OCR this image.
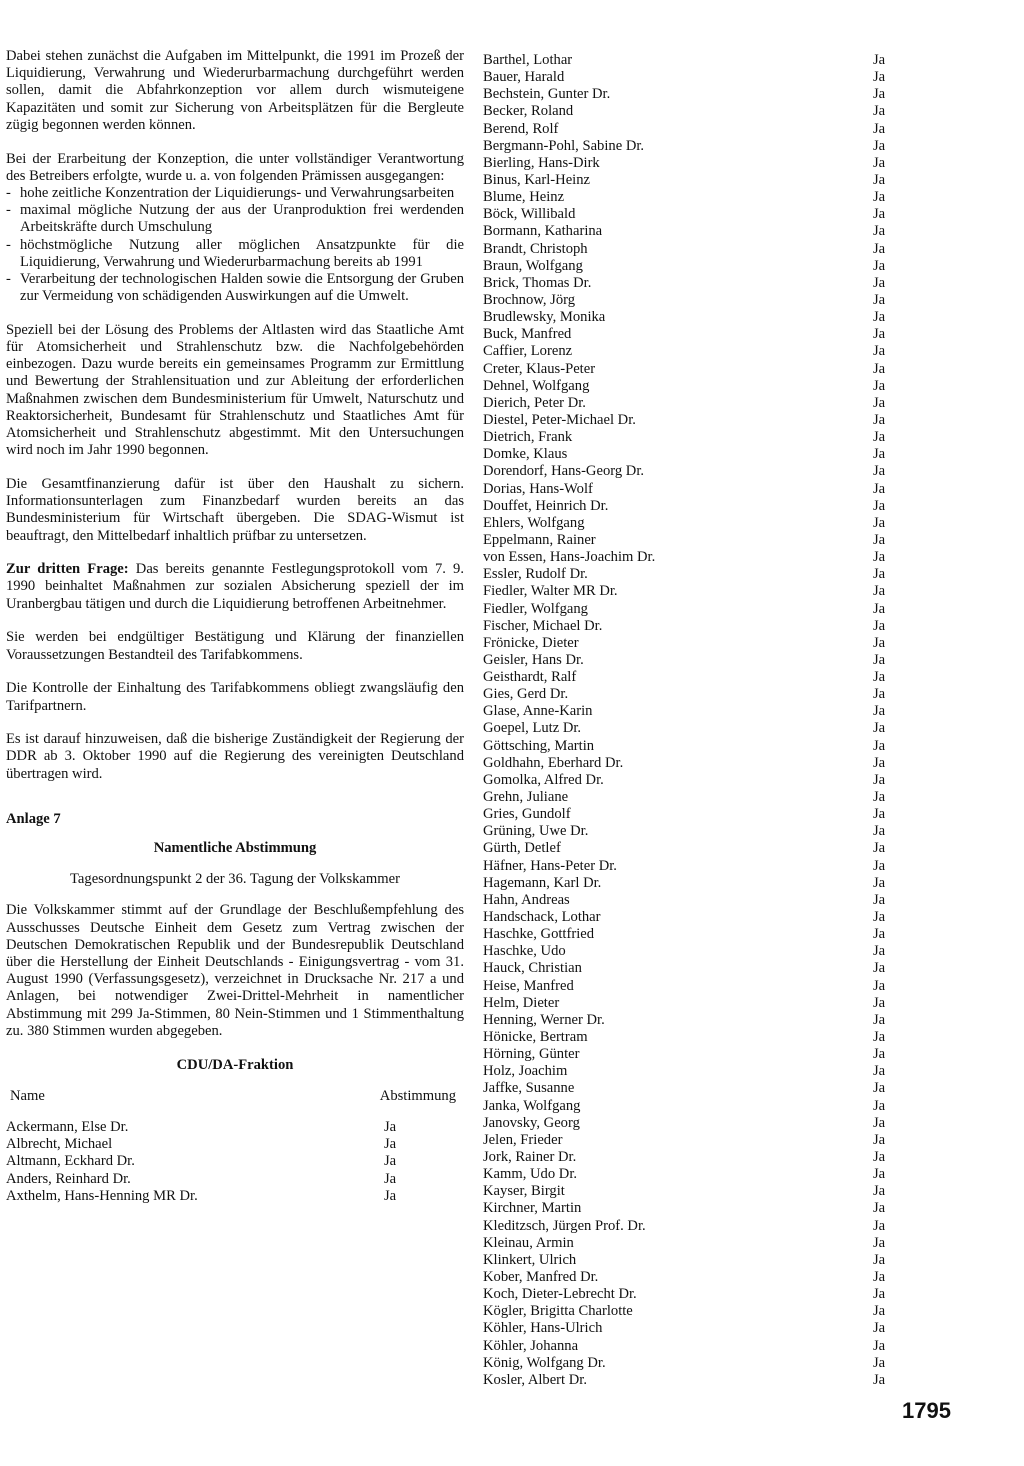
Dabei stehen zunächst die Aufgaben im Mittelpunkt, die 1991 im Prozeß der Liquidierung, Verwahrung und Wiederurbarmachung durchgeführt werden sollen, damit die Abfahrkonzeption vor allem durch wismuteigene Kapazitäten und somit zur Sicherung von Arbeitsplätzen für die Bergleute zügig begonnen werden können.

Bei der Erarbeitung der Konzeption, die unter vollständiger Verantwortung des Betreibers erfolgte, wurde u. a. von folgenden Prämissen ausgegangen:

- hohe zeitliche Konzentration der Liquidierungs- und Verwahrungsarbeiten
- maximal mögliche Nutzung der aus der Uranproduktion frei werdenden Arbeitskräfte durch Umschulung
- höchstmögliche Nutzung aller möglichen Ansatzpunkte für die Liquidierung, Verwahrung und Wiederurbarmachung bereits ab 1991
- Verarbeitung der technologischen Halden sowie die Entsorgung der Gruben zur Vermeidung von schädigenden Auswirkungen auf die Umwelt.

Speziell bei der Lösung des Problems der Altlasten wird das Staatliche Amt für Atomsicherheit und Strahlenschutz bzw. die Nachfolgebehörden einbezogen. Dazu wurde bereits ein gemeinsames Programm zur Ermittlung und Bewertung der Strahlensituation und zur Ableitung der erforderlichen Maßnahmen zwischen dem Bundesministerium für Umwelt, Naturschutz und Reaktorsicherheit, Bundesamt für Strahlenschutz und Staatliches Amt für Atomsicherheit und Strahlenschutz abgestimmt. Mit den Untersuchungen wird noch im Jahr 1990 begonnen.

Die Gesamtfinanzierung dafür ist über den Haushalt zu sichern. Informationsunterlagen zum Finanzbedarf wurden bereits an das Bundesministerium für Wirtschaft übergeben. Die SDAG-Wismut ist beauftragt, den Mittelbedarf inhaltlich prüfbar zu untersetzen.

Zur dritten Frage: Das bereits genannte Festlegungsprotokoll vom 7. 9. 1990 beinhaltet Maßnahmen zur sozialen Absicherung speziell der im Uranbergbau tätigen und durch die Liquidierung betroffenen Arbeitnehmer.

Sie werden bei endgültiger Bestätigung und Klärung der finanziellen Voraussetzungen Bestandteil des Tarifabkommens.

Die Kontrolle der Einhaltung des Tarifabkommens obliegt zwangsläufig den Tarifpartnern.

Es ist darauf hinzuweisen, daß die bisherige Zuständigkeit der Regierung der DDR ab 3. Oktober 1990 auf die Regierung des vereinigten Deutschland übertragen wird.

Anlage 7
Namentliche Abstimmung
Tagesordnungspunkt 2 der 36. Tagung der Volkskammer

Die Volkskammer stimmt auf der Grundlage der Beschlußempfehlung des Ausschusses Deutsche Einheit dem Gesetz zum Vertrag zwischen der Deutschen Demokratischen Republik und der Bundesrepublik Deutschland über die Herstellung der Einheit Deutschlands - Einigungsvertrag - vom 31. August 1990 (Verfassungsgesetz), verzeichnet in Drucksache Nr. 217 a und Anlagen, bei notwendiger Zwei-Drittel-Mehrheit in namentlicher Abstimmung mit 299 Ja-Stimmen, 80 Nein-Stimmen und 1 Stimmenthaltung zu. 380 Stimmen wurden abgegeben.

CDU/DA-Fraktion
Name	Abstimmung
Ackermann, Else Dr.	Ja
Albrecht, Michael	Ja
Altmann, Eckhard Dr.	Ja
Anders, Reinhard Dr.	Ja
Axthelm, Hans-Henning MR Dr.	Ja
Barthel, Lothar	Ja
Bauer, Harald	Ja
Bechstein, Gunter Dr.	Ja
Becker, Roland	Ja
Berend, Rolf	Ja
Bergmann-Pohl, Sabine Dr.	Ja
Bierling, Hans-Dirk	Ja
Binus, Karl-Heinz	Ja
Blume, Heinz	Ja
Böck, Willibald	Ja
Bormann, Katharina	Ja
Brandt, Christoph	Ja
Braun, Wolfgang	Ja
Brick, Thomas Dr.	Ja
Brochnow, Jörg	Ja
Brudlewsky, Monika	Ja
Buck, Manfred	Ja
Caffier, Lorenz	Ja
Creter, Klaus-Peter	Ja
Dehnel, Wolfgang	Ja
Dierich, Peter Dr.	Ja
Diestel, Peter-Michael Dr.	Ja
Dietrich, Frank	Ja
Domke, Klaus	Ja
Dorendorf, Hans-Georg Dr.	Ja
Dorias, Hans-Wolf	Ja
Douffet, Heinrich Dr.	Ja
Ehlers, Wolfgang	Ja
Eppelmann, Rainer	Ja
von Essen, Hans-Joachim Dr.	Ja
Essler, Rudolf Dr.	Ja
Fiedler, Walter MR Dr.	Ja
Fiedler, Wolfgang	Ja
Fischer, Michael Dr.	Ja
Frönicke, Dieter	Ja
Geisler, Hans Dr.	Ja
Geisthardt, Ralf	Ja
Gies, Gerd Dr.	Ja
Glase, Anne-Karin	Ja
Goepel, Lutz Dr.	Ja
Göttsching, Martin	Ja
Goldhahn, Eberhard Dr.	Ja
Gomolka, Alfred Dr.	Ja
Grehn, Juliane	Ja
Gries, Gundolf	Ja
Grüning, Uwe Dr.	Ja
Gürth, Detlef	Ja
Häfner, Hans-Peter Dr.	Ja
Hagemann, Karl Dr.	Ja
Hahn, Andreas	Ja
Handschack, Lothar	Ja
Haschke, Gottfried	Ja
Haschke, Udo	Ja
Hauck, Christian	Ja
Heise, Manfred	Ja
Helm, Dieter	Ja
Henning, Werner Dr.	Ja
Hönicke, Bertram	Ja
Hörning, Günter	Ja
Holz, Joachim	Ja
Jaffke, Susanne	Ja
Janka, Wolfgang	Ja
Janovsky, Georg	Ja
Jelen, Frieder	Ja
Jork, Rainer Dr.	Ja
Kamm, Udo Dr.	Ja
Kayser, Birgit	Ja
Kirchner, Martin	Ja
Kleditzsch, Jürgen Prof. Dr.	Ja
Kleinau, Armin	Ja
Klinkert, Ulrich	Ja
Kober, Manfred Dr.	Ja
Koch, Dieter-Lebrecht Dr.	Ja
Kögler, Brigitta Charlotte	Ja
Köhler, Hans-Ulrich	Ja
Köhler, Johanna	Ja
König, Wolfgang Dr.	Ja
Kosler, Albert Dr.	Ja
1795
